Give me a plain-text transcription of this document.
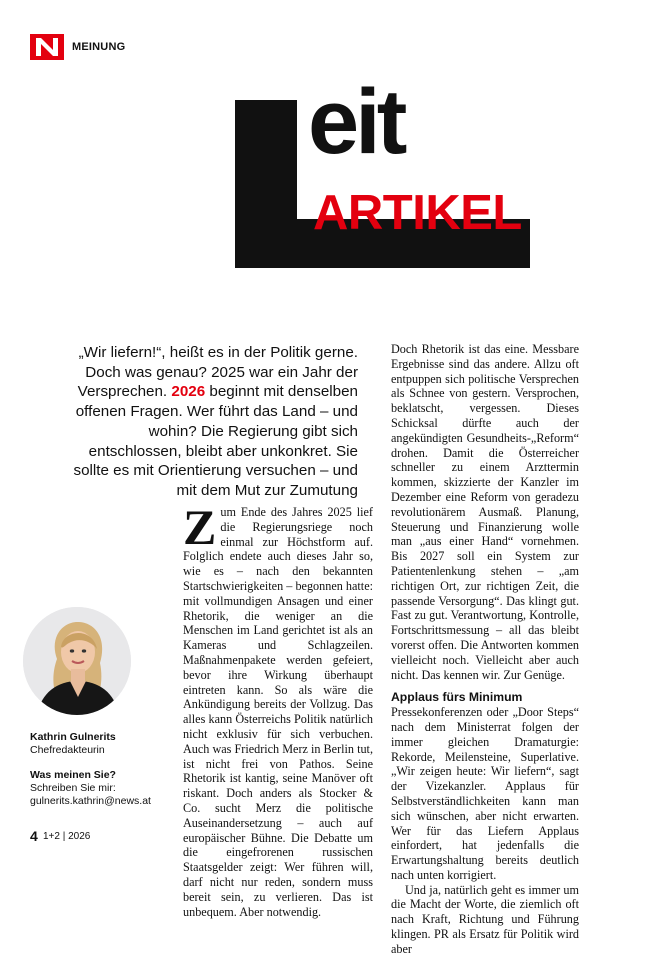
MEINUNG
eit
ARTIKEL

„Wir liefern!“, heißt es in der Politik gerne. Doch was genau? 2025 war ein Jahr der Versprechen. 2026 beginnt mit denselben offenen Fragen. Wer führt das Land – und wohin? Die Regierung gibt sich entschlossen, bleibt aber unkonkret. Sie sollte es mit Orientierung versuchen – und mit dem Mut zur Zumutung

Zum Ende des Jahres 2025 lief die Regierungsriege noch einmal zur Höchstform auf. Folglich endete auch dieses Jahr so, wie es – nach den bekannten Startschwierigkeiten – begonnen hatte: mit vollmundigen Ansagen und einer Rhetorik, die weniger an die Menschen im Land gerichtet ist als an Kameras und Schlagzeilen. Maßnahmenpakete werden gefeiert, bevor ihre Wirkung überhaupt eintreten kann. So als wäre die Ankündigung bereits der Vollzug. Das alles kann Österreichs Politik natürlich nicht exklusiv für sich verbuchen. Auch was Friedrich Merz in Berlin tut, ist nicht frei von Pathos. Seine Rhetorik ist kantig, seine Manöver oft riskant. Doch anders als Stocker & Co. sucht Merz die politische Auseinandersetzung – auch auf europäischer Bühne. Die Debatte um die eingefrorenen russischen Staatsgelder zeigt: Wer führen will, darf nicht nur reden, sondern muss bereit sein, zu verlieren. Das ist unbequem. Aber notwendig.

Doch Rhetorik ist das eine. Messbare Ergebnisse sind das andere. Allzu oft entpuppen sich politische Versprechen als Schnee von gestern. Versprochen, beklatscht, vergessen. Dieses Schicksal dürfte auch der angekündigten Gesundheits-„Reform“ drohen. Damit die Österreicher schneller zu einem Arzttermin kommen, skizzierte der Kanzler im Dezember eine Reform von geradezu revolutionärem Ausmaß. Planung, Steuerung und Finanzierung wolle man „aus einer Hand“ vornehmen. Bis 2027 soll ein System zur Patientenlenkung stehen – „am richtigen Ort, zur richtigen Zeit, die passende Versorgung“. Das klingt gut. Fast zu gut. Verantwortung, Kontrolle, Fortschrittsmessung – all das bleibt vorerst offen. Die Antworten kommen vielleicht noch. Vielleicht aber auch nicht. Das kennen wir. Zur Genüge.

Applaus fürs Minimum

Pressekonferenzen oder „Door Steps“ nach dem Ministerrat folgen der immer gleichen Dramaturgie: Rekorde, Meilensteine, Superlative. „Wir zeigen heute: Wir liefern“, sagt der Vizekanzler. Applaus für Selbstverständlichkeiten kann man sich wünschen, aber nicht erwarten. Wer für das Liefern Applaus einfordert, hat jedenfalls die Erwartungshaltung bereits deutlich nach unten korrigiert.

Und ja, natürlich geht es immer um die Macht der Worte, die ziemlich oft nach Kraft, Richtung und Führung klingen. PR als Ersatz für Politik wird aber

Kathrin Gulnerits
Chefredakteurin
Was meinen Sie?
Schreiben Sie mir:
gulnerits.kathrin@news.at
4 1+2 | 2026
